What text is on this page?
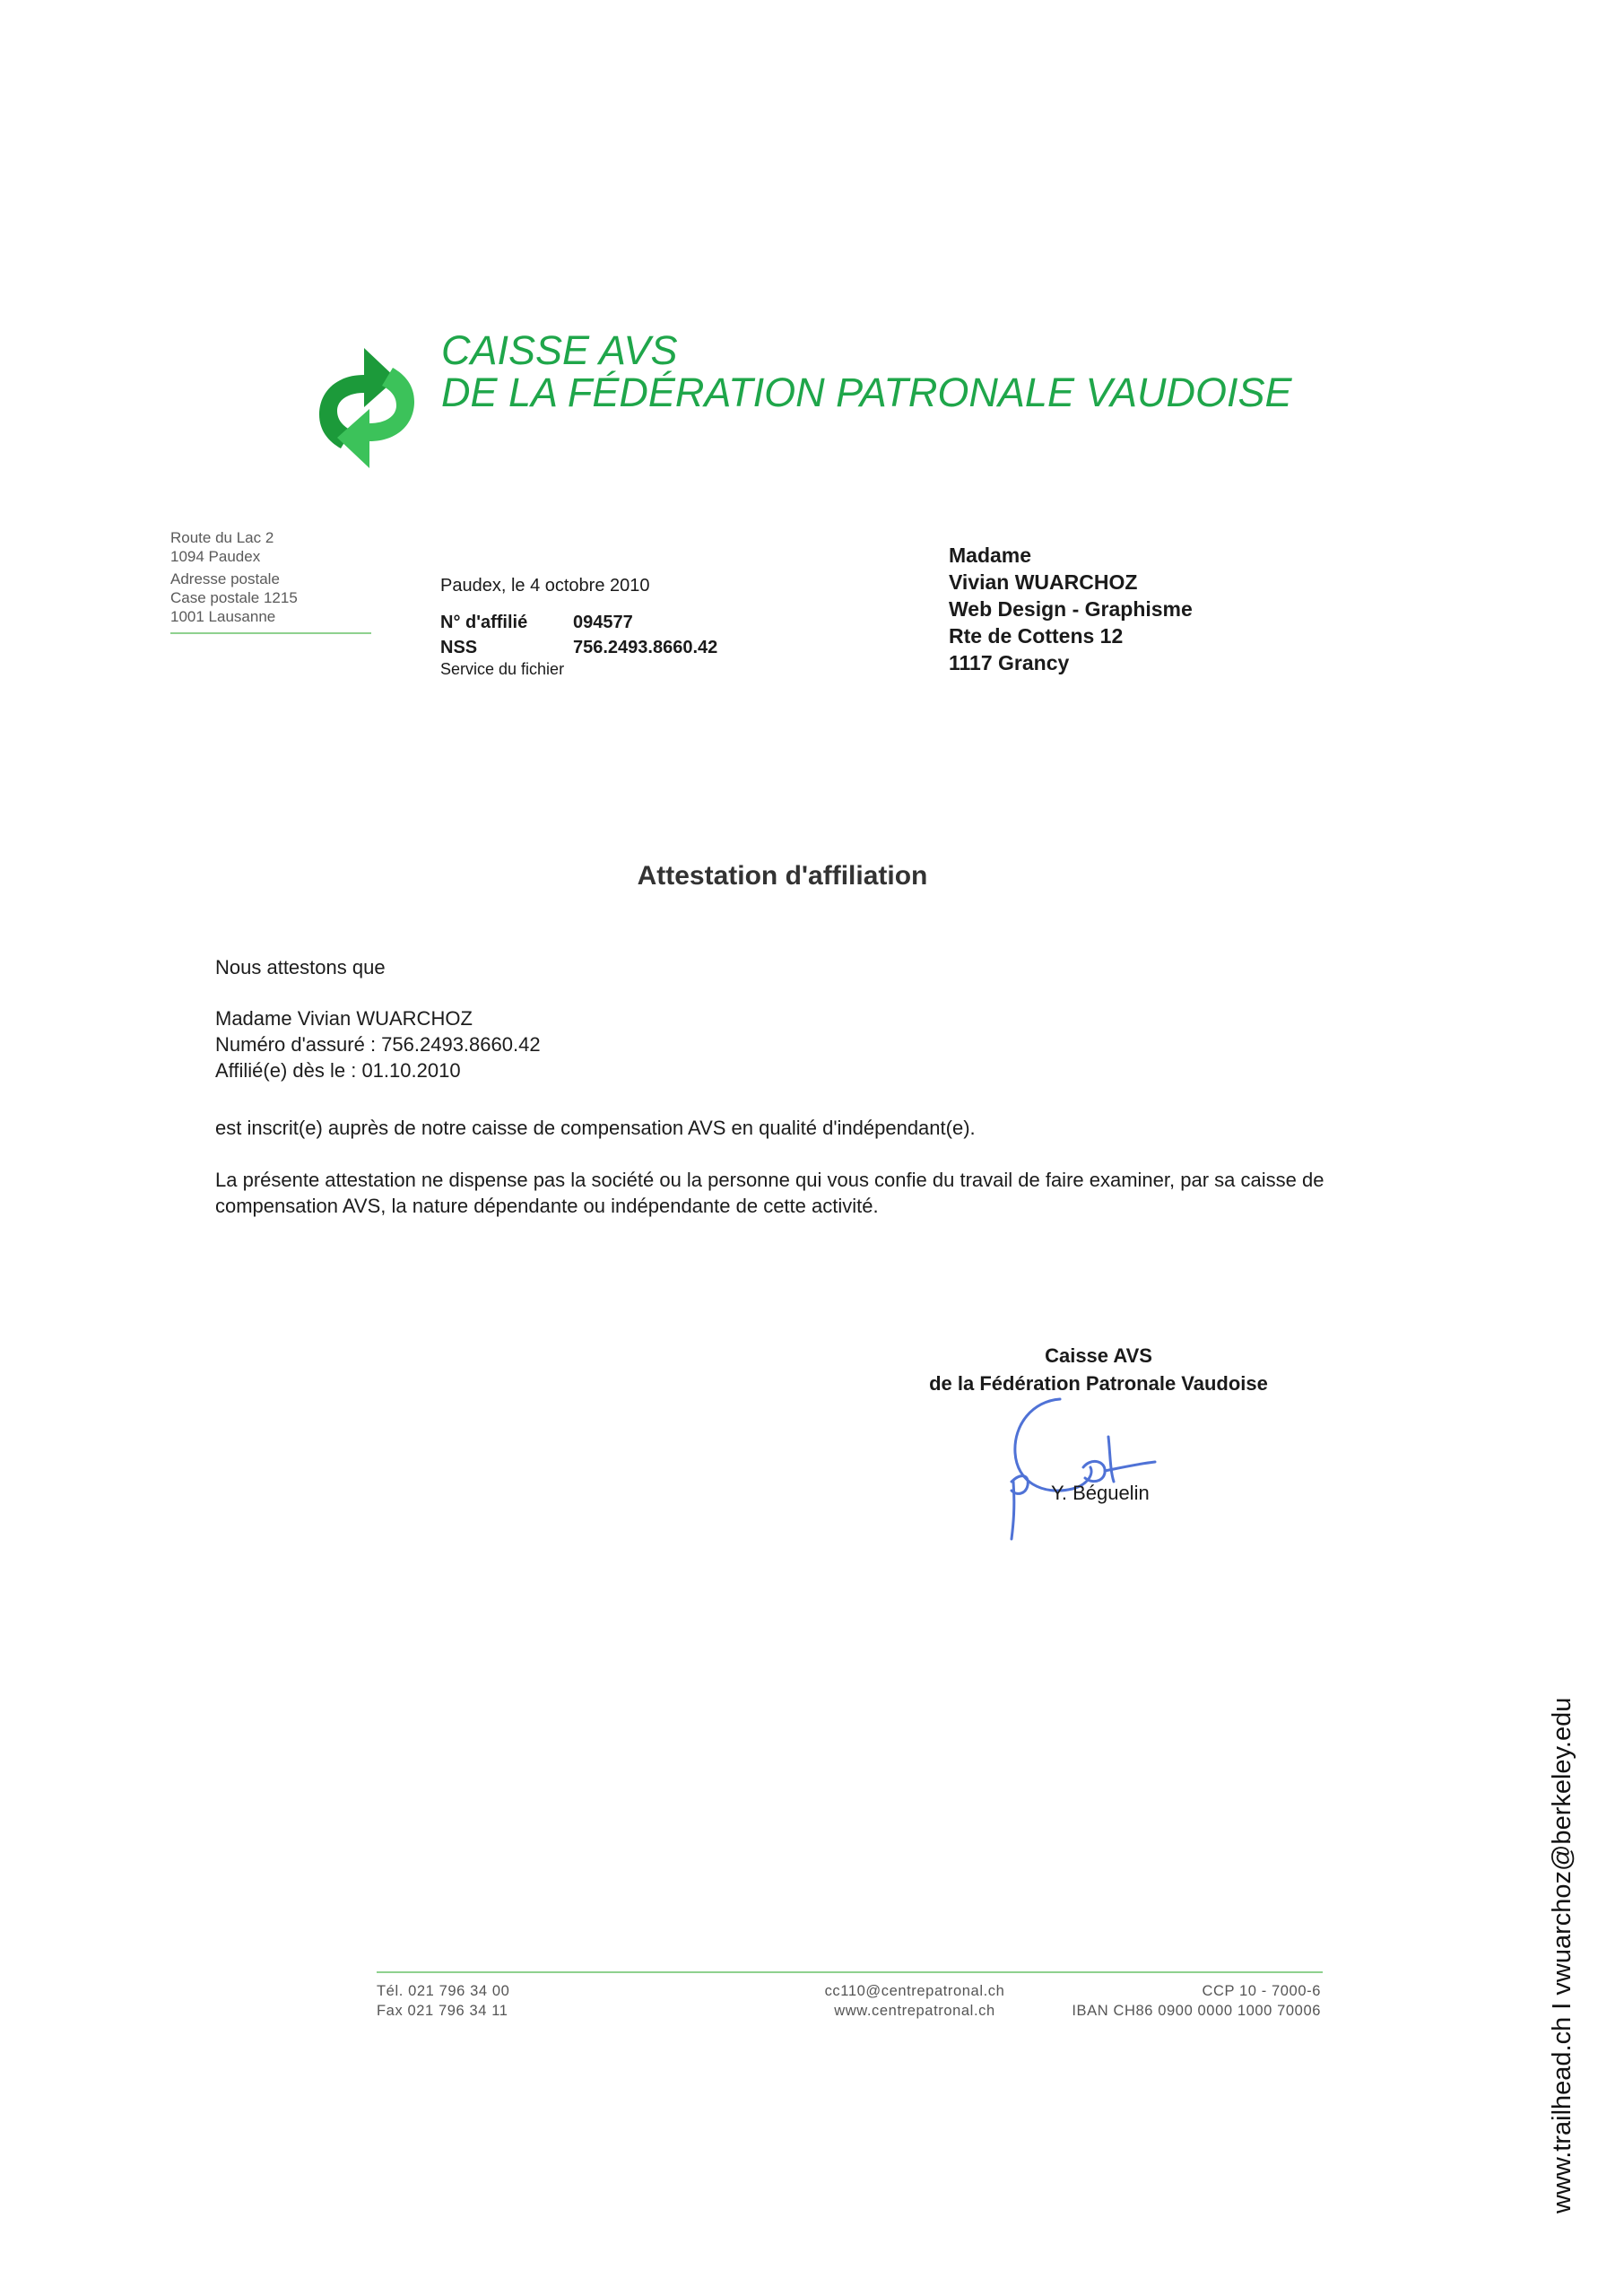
CAISSE AVS
DE LA FÉDÉRATION PATRONALE VAUDOISE
Route du Lac 2
1094 Paudex
Adresse postale
Case postale 1215
1001 Lausanne
Paudex, le 4 octobre 2010
N° d'affilié	094577
NSS	756.2493.8660.42
Service du fichier
Madame
Vivian WUARCHOZ
Web Design - Graphisme
Rte de Cottens 12
1117 Grancy
Attestation d'affiliation
Nous attestons que
Madame Vivian WUARCHOZ
Numéro d'assuré : 756.2493.8660.42
Affilié(e) dès le : 01.10.2010
est inscrit(e) auprès de notre caisse de compensation AVS en qualité d'indépendant(e).
La présente attestation ne dispense pas la société ou la personne qui vous confie du travail de faire examiner, par sa caisse de compensation AVS, la nature dépendante ou indépendante de cette activité.
Caisse AVS
de la Fédération Patronale Vaudoise
Y. Béguelin
Tél. 021 796 34 00
Fax 021 796 34 11
cc110@centrepatronal.ch
www.centrepatronal.ch
CCP 10 - 7000-6
IBAN CH86 0900 0000 1000 70006	www.trailhead.ch I vwuarchoz@berkeley.edu
